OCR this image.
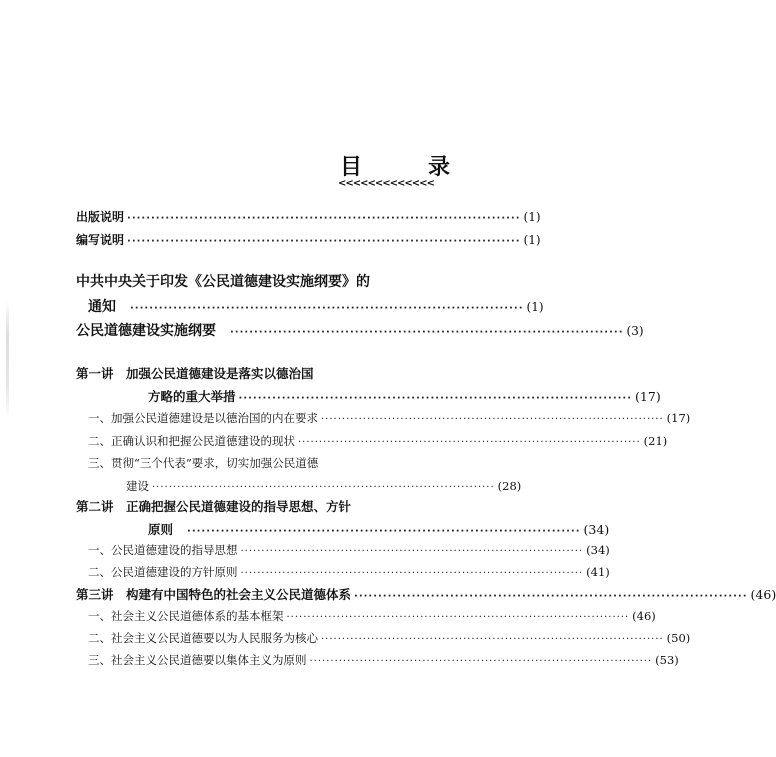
目	录
<<<<<<<<<<<<<
出版说明 ·················································································· (1)
编写说明 ·················································································· (1)
中共中央关于印发《公民道德建设实施纲要》的
通知 ·················································································· (1)
公民道德建设实施纲要 ·················································································· (3)
第一讲　加强公民道德建设是落实以德治国
方略的重大举措 ·················································································· (17)
一、加强公民道德建设是以德治国的内在要求 ·················································································· (17)
二、正确认识和把握公民道德建设的现状 ·················································································· (21)
三、贯彻“三个代表”要求，切实加强公民道德
建设 ·················································································· (28)
第二讲　正确把握公民道德建设的指导思想、方针
原则 ·················································································· (34)
一、公民道德建设的指导思想 ·················································································· (34)
二、公民道德建设的方针原则 ·················································································· (41)
第三讲　构建有中国特色的社会主义公民道德体系 ·················································································· (46)
一、社会主义公民道德体系的基本框架 ·················································································· (46)
二、社会主义公民道德要以为人民服务为核心 ·················································································· (50)
三、社会主义公民道德要以集体主义为原则 ·················································································· (53)
